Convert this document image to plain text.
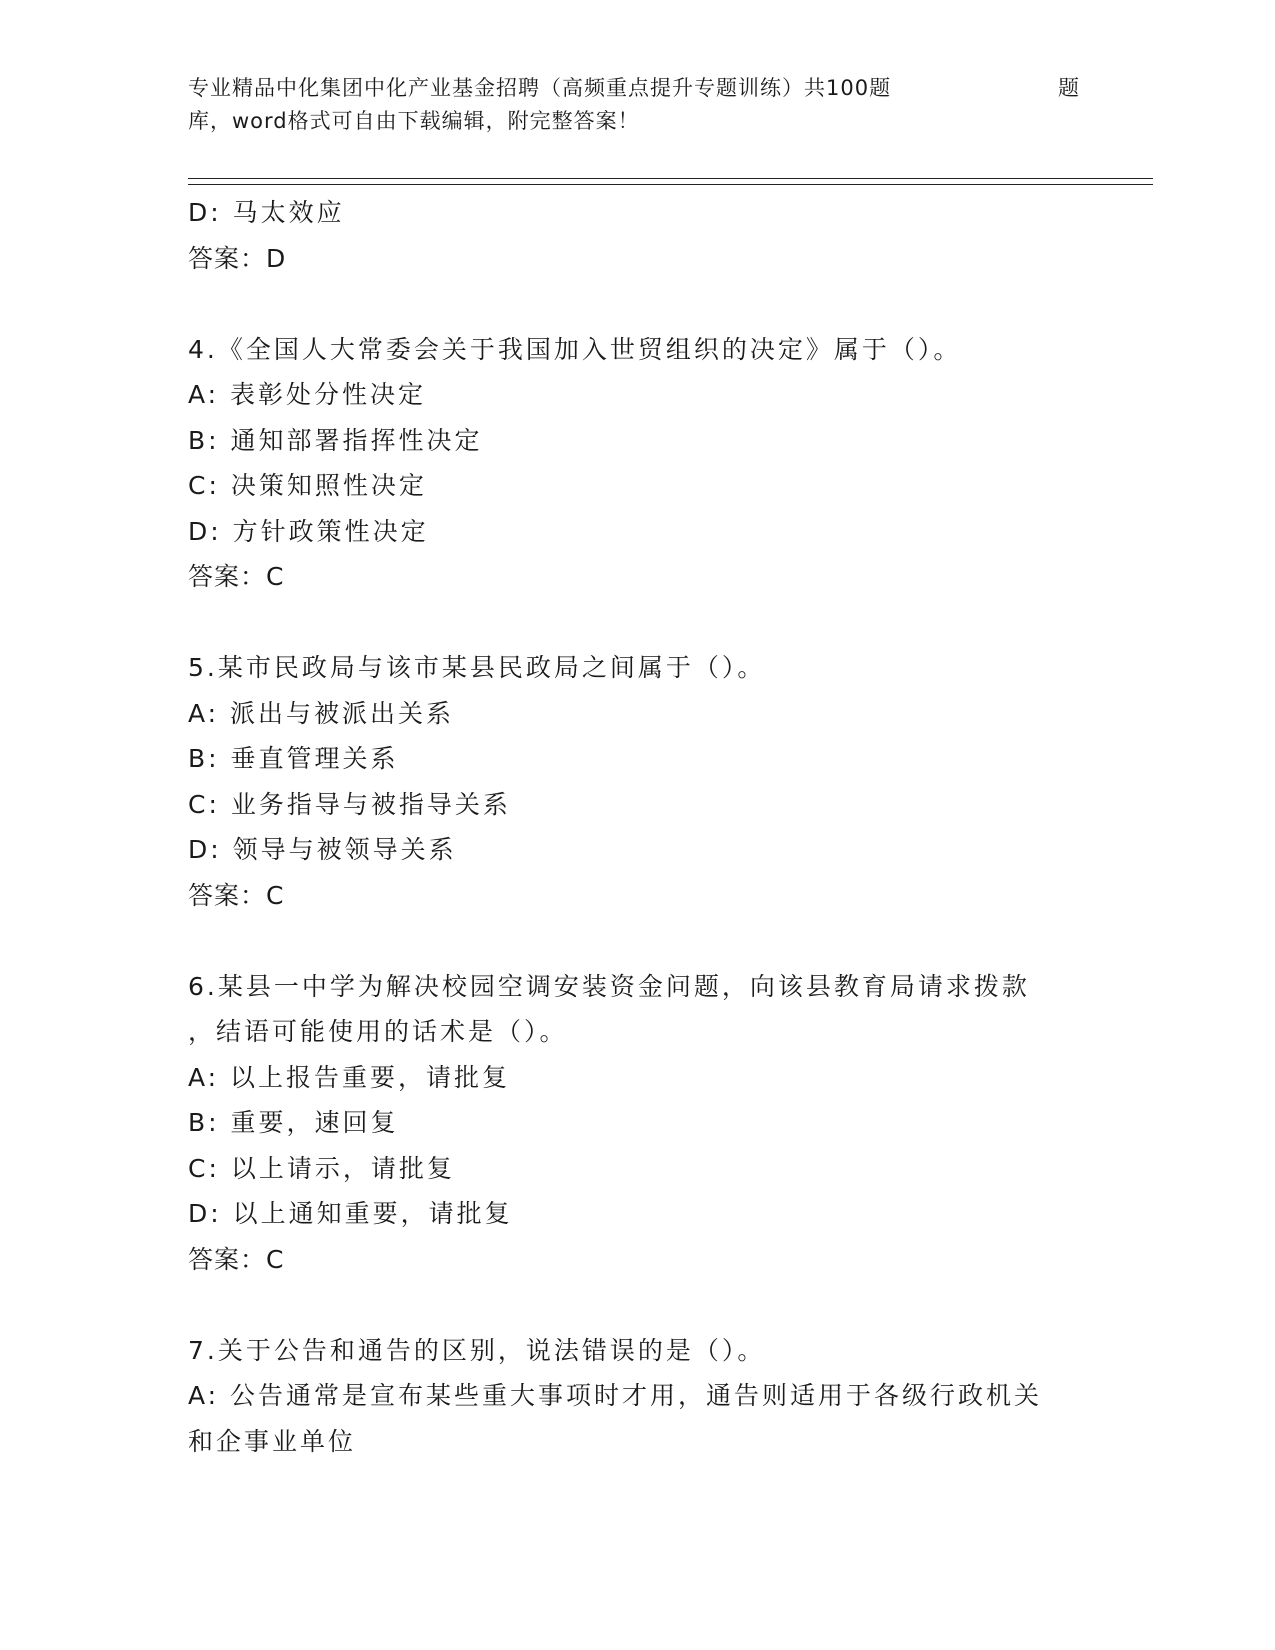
专业精品中化集团中化产业基金招聘（高频重点提升专题训练）共100题	题
库，word格式可自由下载编辑，附完整答案！
D: 马太效应
答案：D
4.《全国人大常委会关于我国加入世贸组织的决定》属于（）。
A: 表彰处分性决定
B: 通知部署指挥性决定
C: 决策知照性决定
D: 方针政策性决定
答案：C
5.某市民政局与该市某县民政局之间属于（）。
A: 派出与被派出关系
B: 垂直管理关系
C: 业务指导与被指导关系
D: 领导与被领导关系
答案：C
6.某县一中学为解决校园空调安装资金问题，向该县教育局请求拨款
，结语可能使用的话术是（）。
A: 以上报告重要，请批复
B: 重要，速回复
C: 以上请示，请批复
D: 以上通知重要，请批复
答案：C
7.关于公告和通告的区别，说法错误的是（）。
A: 公告通常是宣布某些重大事项时才用，通告则适用于各级行政机关
和企事业单位
